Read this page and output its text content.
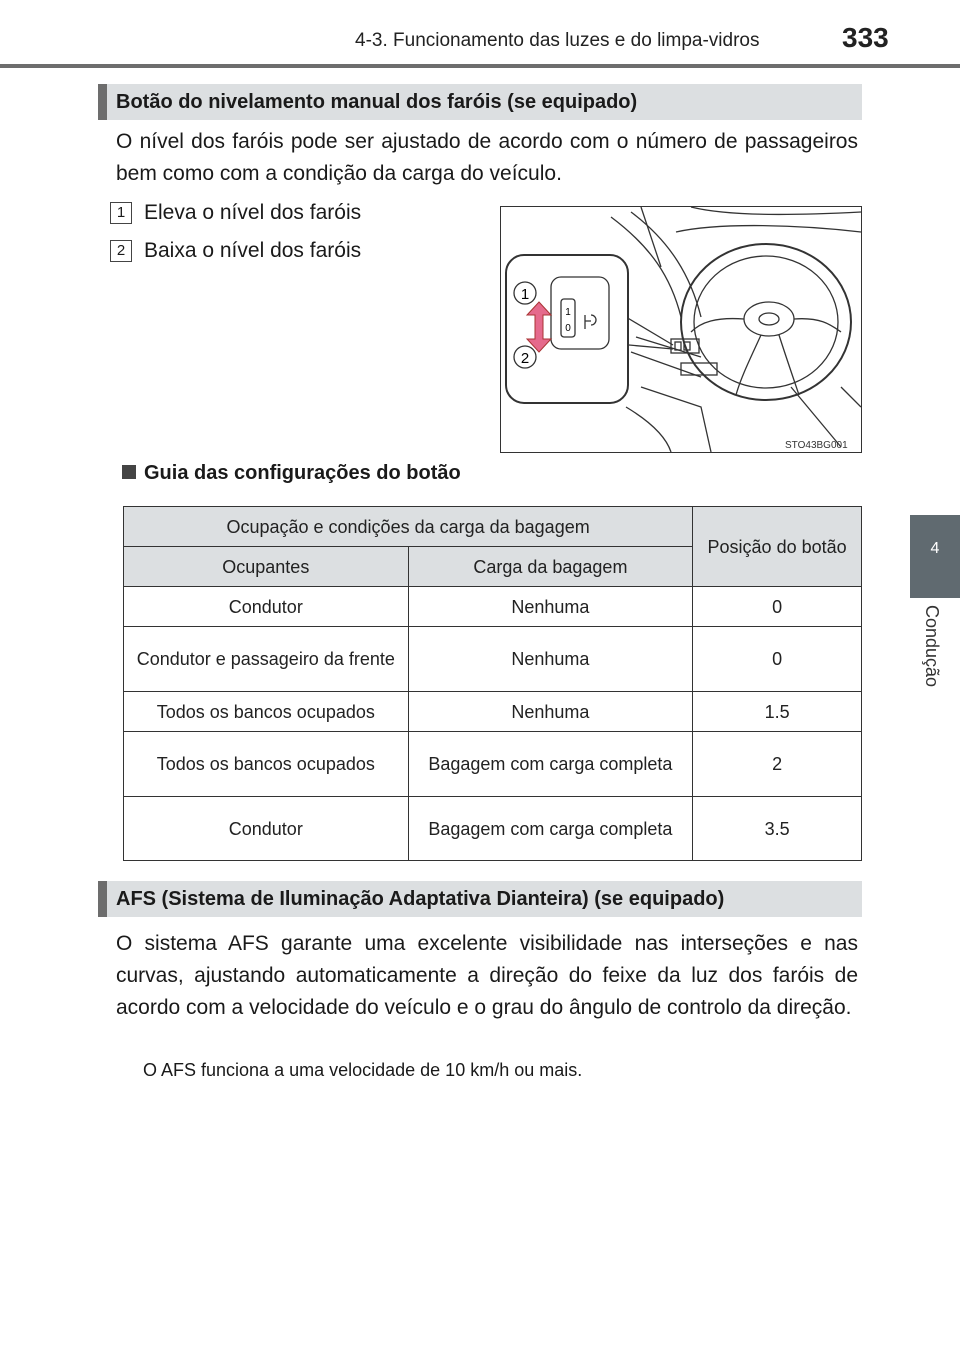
4-3. Funcionamento das luzes e do limpa-vidros	333
4
Condução
Botão do nivelamento manual dos faróis (se equipado)
O nível dos faróis pode ser ajustado de acordo com o número de passageiros bem como com a condição da carga do veículo.
1 Eleva o nível dos faróis
2 Baixa o nível dos faróis
1
2
1
0
STO43BG001
Guia das configurações do botão
Ocupação e condições da carga da bagagem		Posição do botão
Ocupantes	Carga da bagagem	
Condutor	Nenhuma	0
Condutor e passageiro da frente	Nenhuma	0
Todos os bancos ocupados	Nenhuma	1.5
Todos os bancos ocupados	Bagagem com carga completa	2
Condutor	Bagagem com carga completa	3.5
AFS (Sistema de Iluminação Adaptativa Dianteira) (se equipado)
O sistema AFS garante uma excelente visibilidade nas interseções e nas curvas, ajustando automaticamente a direção do feixe da luz dos faróis de acordo com a velocidade do veículo e o grau do ângulo de controlo da direção.
O AFS funciona a uma velocidade de 10 km/h ou mais.
